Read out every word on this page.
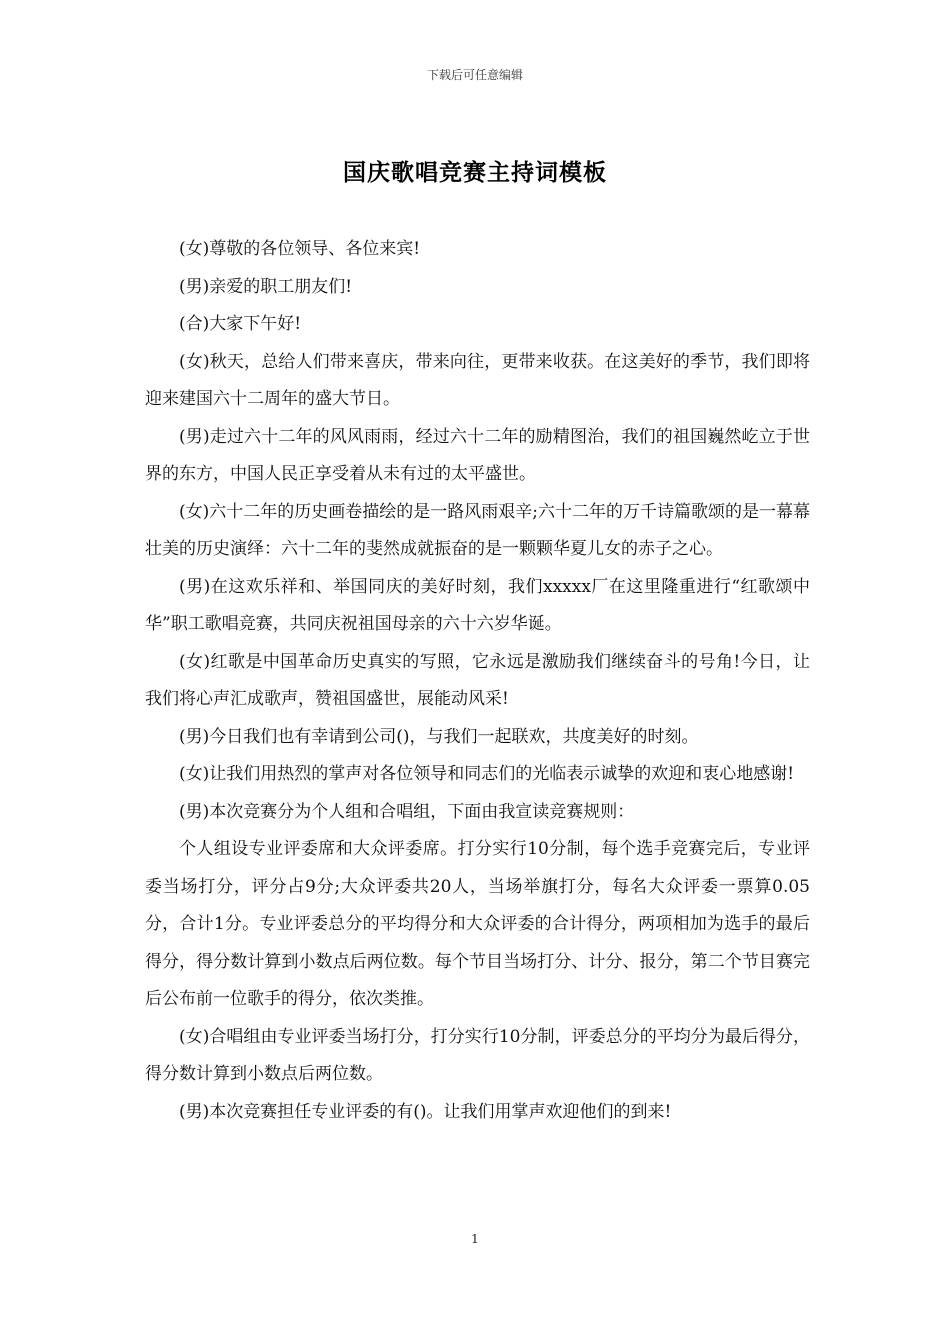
下载后可任意编辑
国庆歌唱竞赛主持词模板

(女)尊敬的各位领导、各位来宾!

(男)亲爱的职工朋友们!

(合)大家下午好!

(女)秋天，总给人们带来喜庆，带来向往，更带来收获。在这美好的季节，我们即将迎来建国六十二周年的盛大节日。

(男)走过六十二年的风风雨雨，经过六十二年的励精图治，我们的祖国巍然屹立于世界的东方，中国人民正享受着从未有过的太平盛世。

(女)六十二年的历史画卷描绘的是一路风雨艰辛;六十二年的万千诗篇歌颂的是一幕幕壮美的历史演绎：六十二年的斐然成就振奋的是一颗颗华夏儿女的赤子之心。

(男)在这欢乐祥和、举国同庆的美好时刻，我们xxxxx厂在这里隆重进行“红歌颂中华”职工歌唱竞赛，共同庆祝祖国母亲的六十六岁华诞。

(女)红歌是中国革命历史真实的写照，它永远是激励我们继续奋斗的号角!今日，让我们将心声汇成歌声，赞祖国盛世，展能动风采!

(男)今日我们也有幸请到公司()，与我们一起联欢，共度美好的时刻。

(女)让我们用热烈的掌声对各位领导和同志们的光临表示诚挚的欢迎和衷心地感谢!

(男)本次竞赛分为个人组和合唱组，下面由我宣读竞赛规则：

个人组设专业评委席和大众评委席。打分实行10分制，每个选手竞赛完后，专业评委当场打分，评分占9分;大众评委共20人，当场举旗打分，每名大众评委一票算0.05分，合计1分。专业评委总分的平均得分和大众评委的合计得分，两项相加为选手的最后得分，得分数计算到小数点后两位数。每个节目当场打分、计分、报分，第二个节目赛完后公布前一位歌手的得分，依次类推。

(女)合唱组由专业评委当场打分，打分实行10分制，评委总分的平均分为最后得分，得分数计算到小数点后两位数。

(男)本次竞赛担任专业评委的有()。让我们用掌声欢迎他们的到来!

1
